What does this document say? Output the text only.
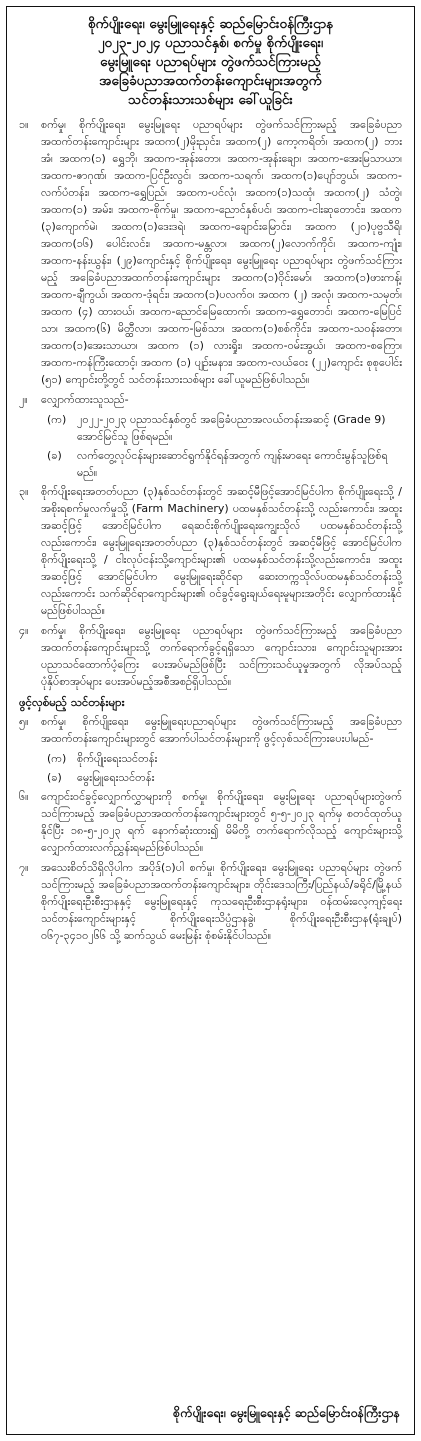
စိုက်ပျိုးရေး၊ မွေးမြူရေးနှင့် ဆည်မြောင်းဝန်ကြီးဌာန
၂၀၂၃-၂၀၂၄ ပညာသင်နှစ်၊ စက်မှု စိုက်ပျိုးရေး၊
မွေးမြူရေး ပညာရပ်များ တွဲဖက်သင်ကြားမည့်
အခြေခံပညာအထက်တန်းကျောင်းများအတွက်
သင်တန်းသားသစ်များ ခေါ်ယူခြင်း
၁။	စက်မှု၊ စိုက်ပျိုးရေး၊ မွေးမြူရေး ပညာရပ်များ တွဲဖက်သင်ကြားမည့် အခြေခံပညာအထက်တန်းကျောင်းများ အထက(၂)မိုးညှင်း၊ အထက(၂) ကော့ကရိတ်၊ အထက(၂) ဘားအံ၊ အထက(၁) ရွှေဘို၊ အထက-အုန်းတော၊ အထက-အုန်းချော၊ အထက-အေးမြသာယာ၊ အထက-ဇာဂုဏ်၊ အထက-ပြင်ဦးလွင်၊ အထက-သရက်၊ အထက(၁)ပျော်ဘွယ်၊ အထက-လက်ပံတန်း၊ အထက-ရွှေပြည်၊ အထက-ပင်လုံ၊ အထက(၁)သထုံ၊ အထက(၂) သံတွဲ၊ အထက(၁) အမ်း၊ အထက-စိုက်မှု၊ အထက-ညောင်နှစ်ပင်၊ အထက-ငါးဆုတောင်း၊ အထက (၃)ကျောက်မဲ၊ အထက(၁)ဒေးဒရဲ၊ အထက-ချောင်းမြောင်း၊ အထက (၂၀)ပုဗ္ဗသီရိ၊ အထက(၁၆) ပေါင်းလင်း၊ အထက-မန္တလာ၊ အထက(၂)လောက်ကိုင်၊ အထက-ကျုံး၊ အထက-နန်းယွန်း၊ (၂၉)ကျောင်းနှင့် စိုက်ပျိုးရေး၊ မွေးမြူရေး ပညာရပ်များ တွဲဖက်သင်ကြားမည့် အခြေခံပညာအထက်တန်းကျောင်းများ အထက(၁)ဝိုင်းမော်၊ အထက(၁)ဖားကန့်၊ အထက-ချီကွယ်၊ အထက-ဒုံရင်း၊ အထက(၁)ပလက်ဝ၊ အထက (၂) အလုံ၊ အထက-သမုတ်၊ အထက (၄) ထားဝယ်၊ အထက-ညောင်မြေထောက်၊ အထက-ရွှေတောင်၊ အထက-မြေပြင်သာ၊ အထက(၆) မိတ္ထီလာ၊ အထက-မြစ်သာ၊ အထက(၁)စစ်ကိုင်း၊ အထက-သဝန်းတော၊ အထက(၁)အေးသာယာ၊ အထက (၁) လားရှိုး၊ အထက-ဝမ်းအွယ်၊ အထက-စကြော၊ အထက-ကန်ကြီးထောင့်၊ အထက (၁) ပျဉ်းမနား၊ အထက-လယ်ဝေး (၂၂)ကျောင်း စုစုပေါင်း (၅၁) ကျောင်းတို့တွင် သင်တန်းသားသစ်များ ခေါ်ယူမည်ဖြစ်ပါသည်။
၂။	လျှောက်ထားသူသည်-
(က) ၂၀၂၂-၂၀၂၃ ပညာသင်နှစ်တွင် အခြေခံပညာအလယ်တန်းအဆင့် (Grade 9) အောင်မြင်သူ ဖြစ်ရမည်။
(ခ)	လက်တွေ့လုပ်ငန်းများဆောင်ရွက်နိုင်ရန်အတွက် ကျန်းမာရေး ကောင်းမွန်သူဖြစ်ရမည်။
၃။	စိုက်ပျိုးရေးအတတ်ပညာ (၃)နှစ်သင်တန်းတွင် အဆင့်မီဖြင့်အောင်မြင်ပါက စိုက်ပျိုးရေးသို့ / အစိုးရစက်မှုလက်မှုသို့ (Farm Machinery) ပထမနှစ်သင်တန်းသို့ လည်းကောင်း၊ အထူးအဆင့်ဖြင့် အောင်မြင်ပါက ရေဆင်းစိုက်ပျိုးရေးကျွေးသိုလ် ပထမနှစ်သင်တန်းသို့လည်းကောင်း၊ မွေးမြူရေးအတတ်ပညာ (၃)နှစ်သင်တန်းတွင် အဆင့်မီဖြင့် အောင်မြင်ပါက စိုက်ပျိုးရေးသို့ / ငါးလုပ်ငန်းသို့ကျောင်းများ၏ ပထမနှစ်သင်တန်းသို့လည်းကောင်း၊ အထူးအဆင့်ဖြင့် အောင်မြင်ပါက မွေးမြူရေးဆိုင်ရာ ဆေးတက္ကသိုလ်ပထမနှစ်သင်တန်းသို့လည်းကောင်း သက်ဆိုင်ရာကျောင်းများ၏ ဝင်ခွင့်ရွေးချယ်ရေးမူများအတိုင်း လျှောက်ထားနိုင်မည်ဖြစ်ပါသည်။
၄။	စက်မှု၊ စိုက်ပျိုးရေး၊ မွေးမြူရေး ပညာရပ်များ တွဲဖက်သင်ကြားမည့် အခြေခံပညာအထက်တန်းကျောင်းများသို့ တက်ရောက်ခွင့်ရရှိသော ကျောင်းသား၊ ကျောင်းသူများအား ပညာသင်ထောက်ပံ့ကြေး ပေးအပ်မည်ဖြစ်ပြီး သင်ကြားသင်ယူမှုအတွက် လိုအပ်သည့် ပုံနှိပ်စာအုပ်များ ပေးအပ်မည့်အစီအစဉ်ရှိပါသည်။
ဖွင့်လှစ်မည့် သင်တန်းများ
၅။	စက်မှု၊ စိုက်ပျိုးရေး၊ မွေးမြူရေးပညာရပ်များ တွဲဖက်သင်ကြားမည့် အခြေခံပညာအထက်တန်းကျောင်းများတွင် အောက်ပါသင်တန်းများကို ဖွင့်လှစ်သင်ကြားပေးပါမည်-
(က) စိုက်ပျိုးရေးသင်တန်း
(ခ)	မွေးမြူရေးသင်တန်း
၆။	ကျောင်းဝင်ခွင့်လျှောက်လွှာများကို စက်မှု၊ စိုက်ပျိုးရေး၊ မွေးမြူရေး ပညာရပ်များတွဲဖက်သင်ကြားမည့် အခြေခံပညာအထက်တန်းကျောင်းများတွင် ၅-၅-၂၀၂၃ ရက်မှ စတင်ထုတ်ယူနိုင်ပြီး ၁၈-၅-၂၀၂၃ ရက် နောက်ဆုံးထား၍ မိမိတို့ တက်ရောက်လိုသည့် ကျောင်းများသို့ လျှောက်ထားလက်ညွှန်းရမည်ဖြစ်ပါသည်။
၇။	အသေးစိတ်သိရှိလိုပါက အပိုဒ်(၁)ပါ စက်မှု၊ စိုက်ပျိုးရေး၊ မွေးမြူရေး ပညာရပ်များ တွဲဖက်သင်ကြားမည့် အခြေခံပညာအထက်တန်းကျောင်းများ၊ တိုင်းဒေသကြီး/ပြည်နယ်/ခရိုင်/မြို့နယ် စိုက်ပျိုးရေးဦးစီးဌာနနှင့် မွေးမြူရေးနှင့် ကုသရေးဦးစီးဌာနရုံးများ၊ ဝန်ထမ်းလေ့ကျင့်ရေးသင်တန်းကျောင်းများနှင့် စိုက်ပျိုးရေးသိပ္ပံဌာနခွဲ၊ စိုက်ပျိုးရေးဦးစီးဌာန(ရုံးချုပ်) ၀၆၇-၃၄၁၀၂၆၆ သို့ ဆက်သွယ် မေးမြန်း စုံစမ်းနိုင်ပါသည်။
စိုက်ပျိုးရေး၊ မွေးမြူရေးနှင့် ဆည်မြောင်းဝန်ကြီးဌာန
